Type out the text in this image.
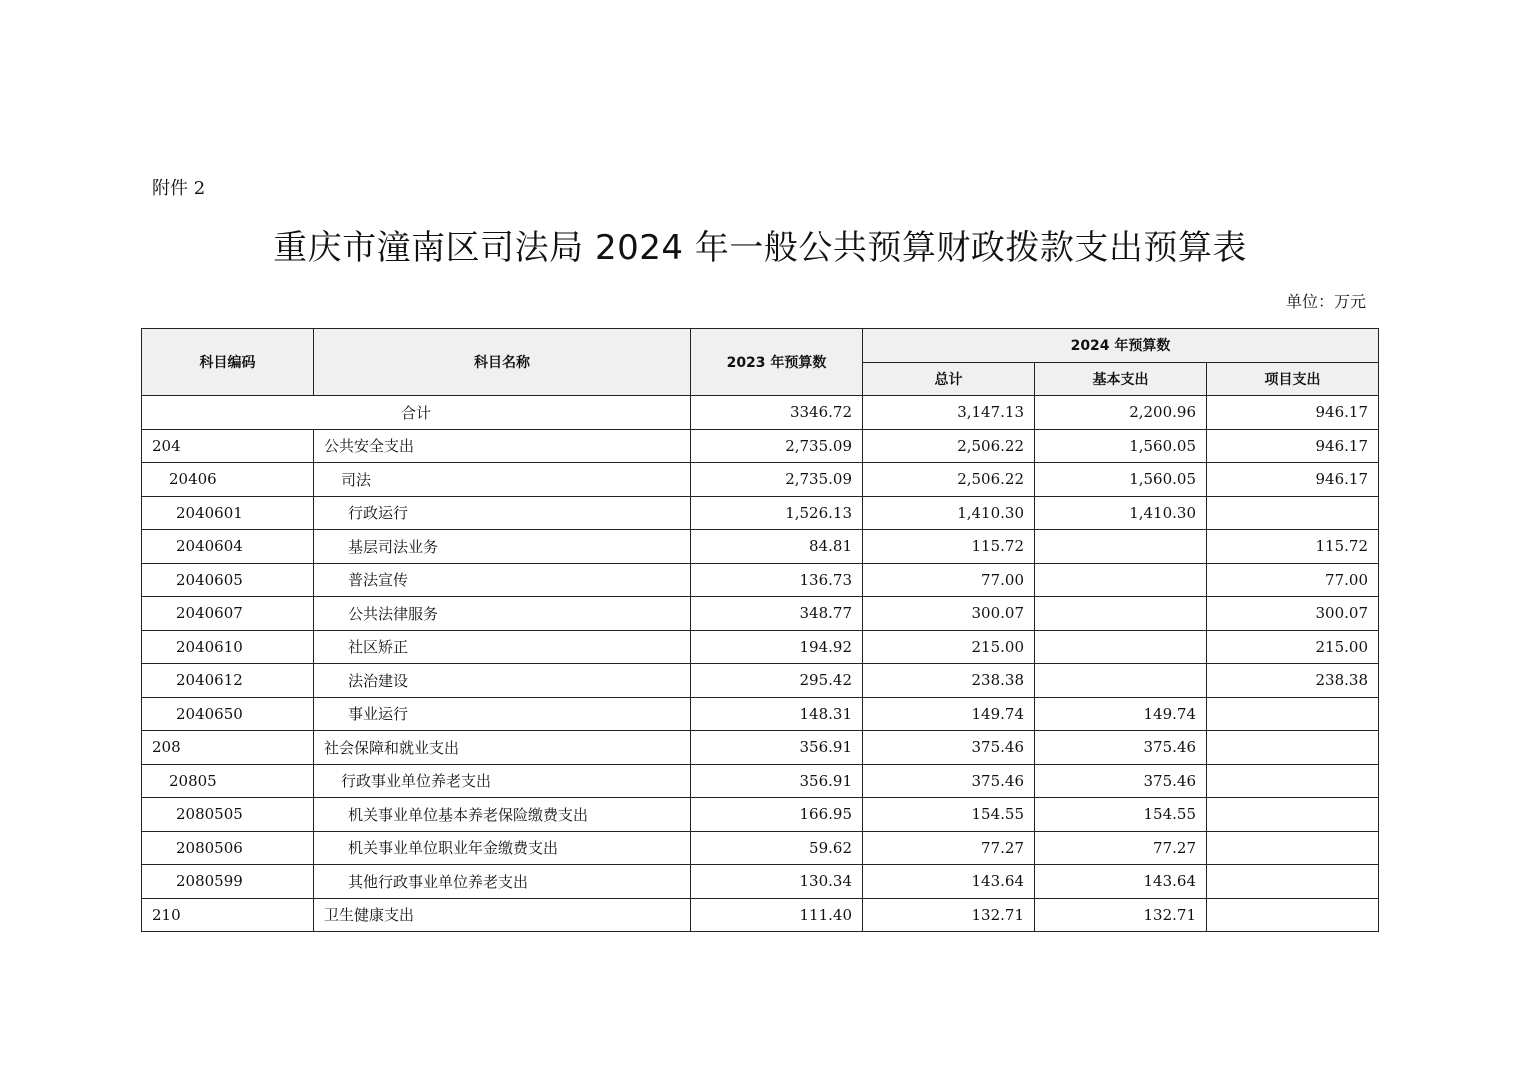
附件 2
重庆市潼南区司法局 2024 年一般公共预算财政拨款支出预算表
单位：万元
科目编码	科目名称	2023 年预算数	2024 年预算数		
			总计	基本支出	项目支出
合计		3346.72	3,147.13	2,200.96	946.17
204	公共安全支出	2,735.09	2,506.22	1,560.05	946.17
20406	司法	2,735.09	2,506.22	1,560.05	946.17
2040601	行政运行	1,526.13	1,410.30	1,410.30	
2040604	基层司法业务	84.81	115.72		115.72
2040605	普法宣传	136.73	77.00		77.00
2040607	公共法律服务	348.77	300.07		300.07
2040610	社区矫正	194.92	215.00		215.00
2040612	法治建设	295.42	238.38		238.38
2040650	事业运行	148.31	149.74	149.74	
208	社会保障和就业支出	356.91	375.46	375.46	
20805	行政事业单位养老支出	356.91	375.46	375.46	
2080505	机关事业单位基本养老保险缴费支出	166.95	154.55	154.55	
2080506	机关事业单位职业年金缴费支出	59.62	77.27	77.27	
2080599	其他行政事业单位养老支出	130.34	143.64	143.64	
210	卫生健康支出	111.40	132.71	132.71	
